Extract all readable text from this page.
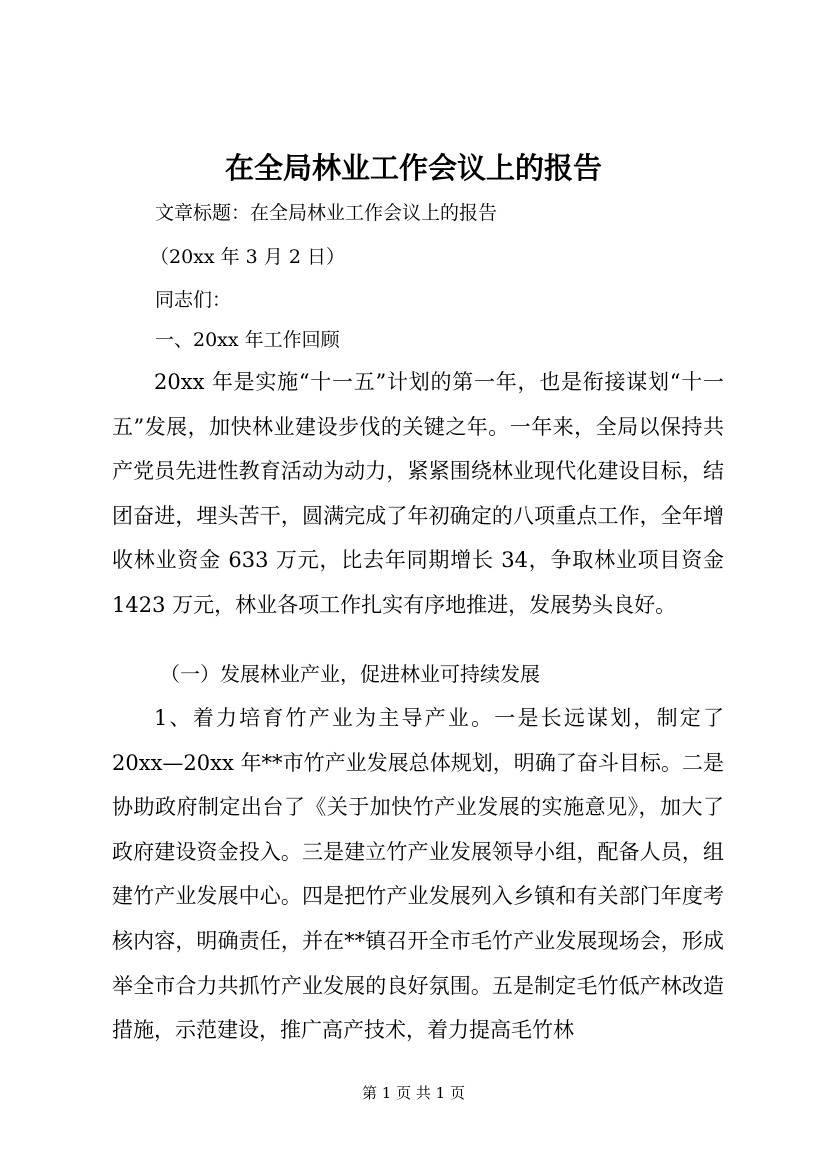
在全局林业工作会议上的报告
文章标题：在全局林业工作会议上的报告
（20xx 年 3 月 2 日）
同志们：
一、20xx 年工作回顾
20xx 年是实施“十一五”计划的第一年，也是衔接谋划“十一五”发展，加快林业建设步伐的关键之年。一年来，全局以保持共产党员先进性教育活动为动力，紧紧围绕林业现代化建设目标，结团奋进，埋头苦干，圆满完成了年初确定的八项重点工作，全年增收林业资金 633 万元，比去年同期增长 34，争取林业项目资金 1423 万元，林业各项工作扎实有序地推进，发展势头良好。
（一）发展林业产业，促进林业可持续发展
1、着力培育竹产业为主导产业。一是长远谋划，制定了 20xx—20xx 年**市竹产业发展总体规划，明确了奋斗目标。二是协助政府制定出台了《关于加快竹产业发展的实施意见》，加大了政府建设资金投入。三是建立竹产业发展领导小组，配备人员，组建竹产业发展中心。四是把竹产业发展列入乡镇和有关部门年度考核内容，明确责任，并在**镇召开全市毛竹产业发展现场会，形成举全市合力共抓竹产业发展的良好氛围。五是制定毛竹低产林改造措施，示范建设，推广高产技术，着力提高毛竹林
第 1 页 共 1 页
